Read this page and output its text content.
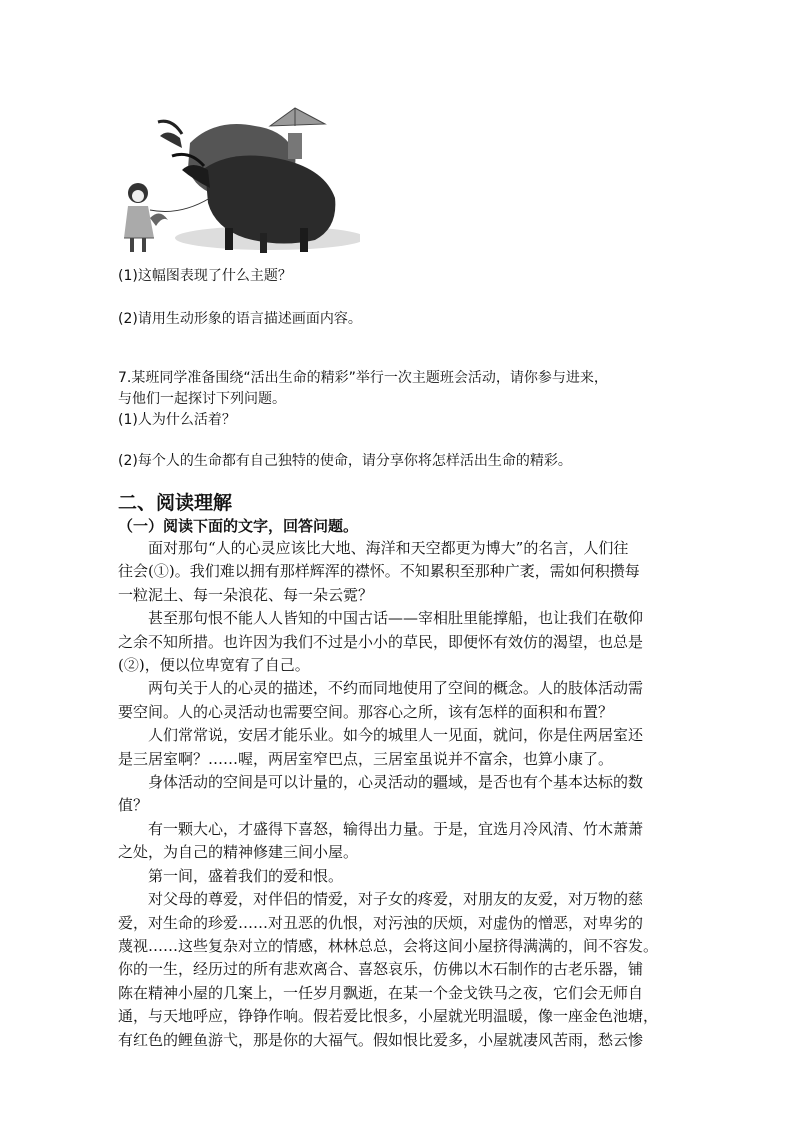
(1)这幅图表现了什么主题？
(2)请用生动形象的语言描述画面内容。
7.某班同学准备围绕“活出生命的精彩”举行一次主题班会活动，请你参与进来，
与他们一起探讨下列问题。
(1)人为什么活着？
(2)每个人的生命都有自己独特的使命，请分享你将怎样活出生命的精彩。
二、阅读理解
（一）阅读下面的文字，回答问题。
面对那句“人的心灵应该比大地、海洋和天空都更为博大”的名言，人们往
往会(①)。我们难以拥有那样辉浑的襟怀。不知累积至那种广袤，需如何积攒每
一粒泥土、每一朵浪花、每一朵云霓？
甚至那句恨不能人人皆知的中国古话——宰相肚里能撑船，也让我们在敬仰
之余不知所措。也许因为我们不过是小小的草民，即便怀有效仿的渴望，也总是
(②)，便以位卑宽宥了自己。
两句关于人的心灵的描述，不约而同地使用了空间的概念。人的肢体活动需
要空间。人的心灵活动也需要空间。那容心之所，该有怎样的面积和布置？
人们常常说，安居才能乐业。如今的城里人一见面，就问，你是住两居室还
是三居室啊？……喔，两居室窄巴点，三居室虽说并不富余，也算小康了。
身体活动的空间是可以计量的，心灵活动的疆域，是否也有个基本达标的数
值？
有一颗大心，才盛得下喜怒，输得出力量。于是，宜选月冷风清、竹木萧萧
之处，为自己的精神修建三间小屋。
第一间，盛着我们的爱和恨。
对父母的尊爱，对伴侣的情爱，对子女的疼爱，对朋友的友爱，对万物的慈
爱，对生命的珍爱……对丑恶的仇恨，对污浊的厌烦，对虚伪的憎恶，对卑劣的
蔑视……这些复杂对立的情感，林林总总，会将这间小屋挤得满满的，间不容发。
你的一生，经历过的所有悲欢离合、喜怒哀乐，仿佛以木石制作的古老乐器，铺
陈在精神小屋的几案上，一任岁月飘逝，在某一个金戈铁马之夜，它们会无师自
通，与天地呼应，铮铮作响。假若爱比恨多，小屋就光明温暖，像一座金色池塘，
有红色的鲤鱼游弋，那是你的大福气。假如恨比爱多，小屋就凄风苦雨，愁云惨
